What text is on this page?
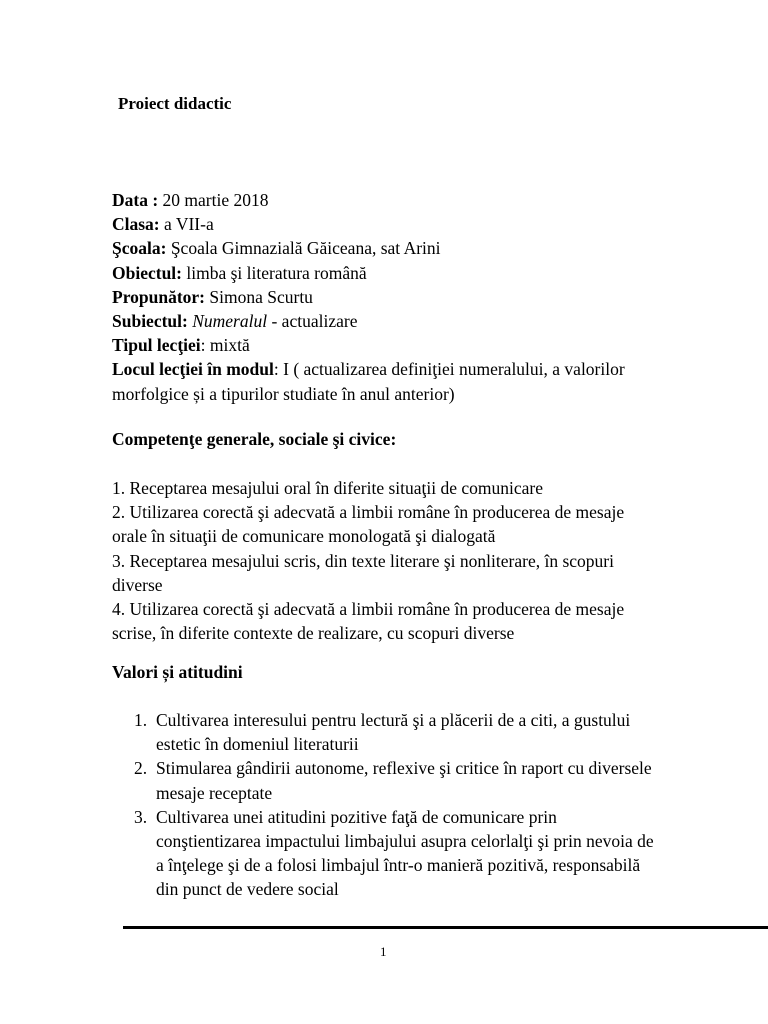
Proiect didactic
Data : 20 martie 2018
Clasa: a VII-a
Şcoala: Şcoala Gimnazială Găiceana, sat Arini
Obiectul: limba şi literatura română
Propunător: Simona Scurtu
Subiectul: Numeralul - actualizare
Tipul lecţiei: mixtă
Locul lecţiei în modul: I ( actualizarea definiţiei numeralului, a valorilor morfolgice și a tipurilor studiate în anul anterior)
Competenţe generale, sociale şi civice:
1. Receptarea mesajului oral în diferite situaţii de comunicare
2. Utilizarea corectă şi adecvată a limbii române în producerea de mesaje orale în situaţii de comunicare monologată şi dialogată
3. Receptarea mesajului scris, din texte literare şi nonliterare, în scopuri diverse
4. Utilizarea corectă şi adecvată a limbii române în producerea de mesaje scrise, în diferite contexte de realizare, cu scopuri diverse
Valori și atitudini
1. Cultivarea interesului pentru lectură şi a plăcerii de a citi, a gustului estetic în domeniul literaturii
2. Stimularea gândirii autonome, reflexive şi critice în raport cu diversele mesaje receptate
3. Cultivarea unei atitudini pozitive faţă de comunicare prin conştientizarea impactului limbajului asupra celorlalţi şi prin nevoia de a înţelege şi de a folosi limbajul într-o manieră pozitivă, responsabilă din punct de vedere social
1
